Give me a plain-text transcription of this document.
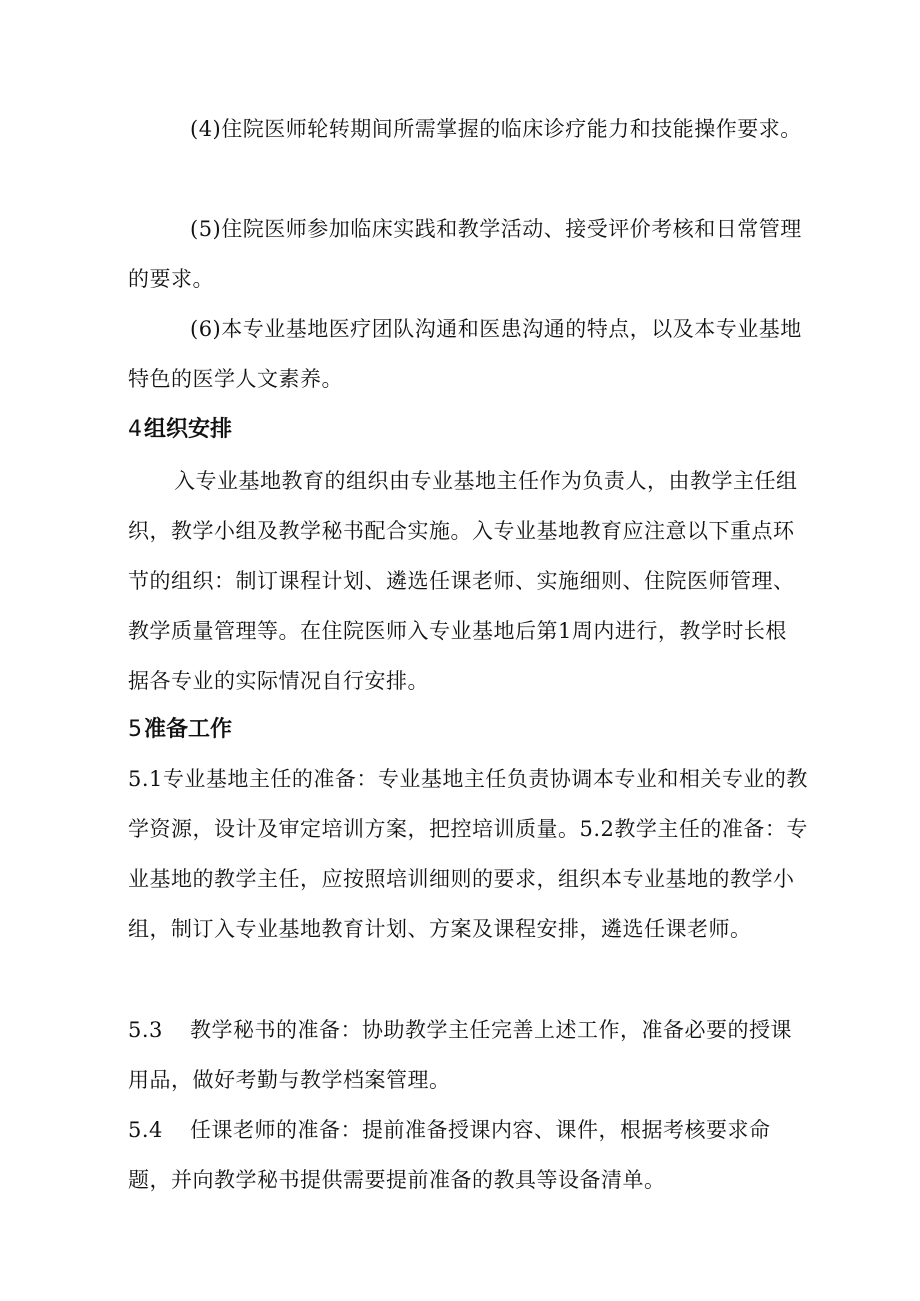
(4)住院医师轮转期间所需掌握的临床诊疗能力和技能操作要求。

(5)住院医师参加临床实践和教学活动、接受评价考核和日常管理的要求。

(6)本专业基地医疗团队沟通和医患沟通的特点，以及本专业基地特色的医学人文素养。

4组织安排

入专业基地教育的组织由专业基地主任作为负责人，由教学主任组织，教学小组及教学秘书配合实施。入专业基地教育应注意以下重点环节的组织：制订课程计划、遴选任课老师、实施细则、住院医师管理、教学质量管理等。在住院医师入专业基地后第1周内进行，教学时长根据各专业的实际情况自行安排。

5准备工作

5.1专业基地主任的准备：专业基地主任负责协调本专业和相关专业的教学资源，设计及审定培训方案，把控培训质量。5.2教学主任的准备：专业基地的教学主任，应按照培训细则的要求，组织本专业基地的教学小组，制订入专业基地教育计划、方案及课程安排，遴选任课老师。

5.3 教学秘书的准备：协助教学主任完善上述工作，准备必要的授课用品，做好考勤与教学档案管理。

5.4 任课老师的准备：提前准备授课内容、课件，根据考核要求命题，并向教学秘书提供需要提前准备的教具等设备清单。
